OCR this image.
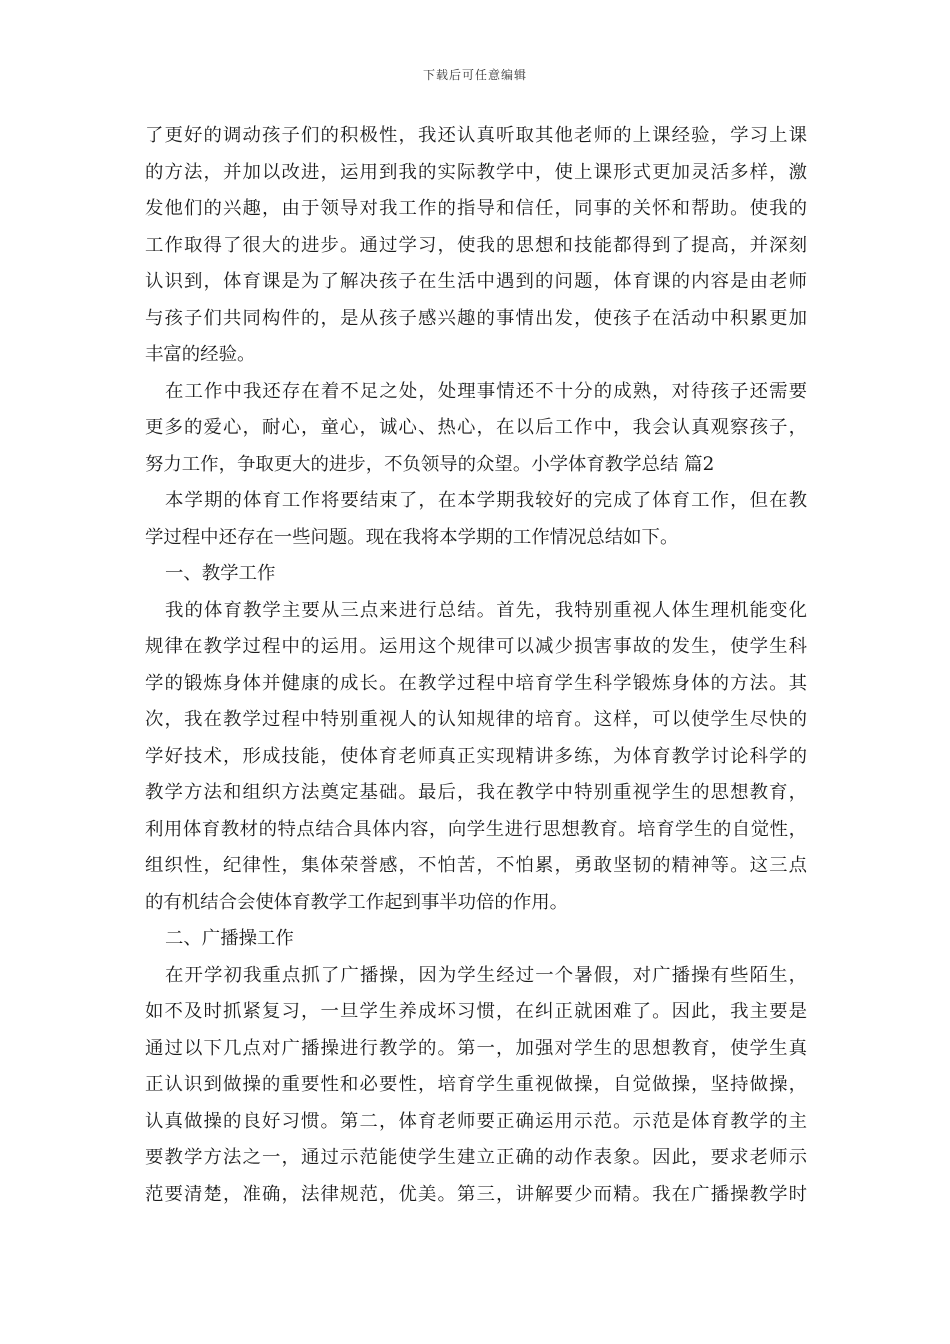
下载后可任意编辑
了更好的调动孩子们的积极性，我还认真听取其他老师的上课经验，学习上课
的方法，并加以改进，运用到我的实际教学中，使上课形式更加灵活多样，激
发他们的兴趣，由于领导对我工作的指导和信任，同事的关怀和帮助。使我的
工作取得了很大的进步。通过学习，使我的思想和技能都得到了提高，并深刻
认识到，体育课是为了解决孩子在生活中遇到的问题，体育课的内容是由老师
与孩子们共同构件的，是从孩子感兴趣的事情出发，使孩子在活动中积累更加
丰富的经验。
在工作中我还存在着不足之处，处理事情还不十分的成熟，对待孩子还需要
更多的爱心，耐心，童心，诚心、热心，在以后工作中，我会认真观察孩子，
努力工作，争取更大的进步，不负领导的众望。小学体育教学总结 篇2
本学期的体育工作将要结束了，在本学期我较好的完成了体育工作，但在教
学过程中还存在一些问题。现在我将本学期的工作情况总结如下。
一、教学工作
我的体育教学主要从三点来进行总结。首先，我特别重视人体生理机能变化
规律在教学过程中的运用。运用这个规律可以减少损害事故的发生，使学生科
学的锻炼身体并健康的成长。在教学过程中培育学生科学锻炼身体的方法。其
次，我在教学过程中特别重视人的认知规律的培育。这样，可以使学生尽快的
学好技术，形成技能，使体育老师真正实现精讲多练，为体育教学讨论科学的
教学方法和组织方法奠定基础。最后，我在教学中特别重视学生的思想教育，
利用体育教材的特点结合具体内容，向学生进行思想教育。培育学生的自觉性，
组织性，纪律性，集体荣誉感，不怕苦，不怕累，勇敢坚韧的精神等。这三点
的有机结合会使体育教学工作起到事半功倍的作用。
二、广播操工作
在开学初我重点抓了广播操，因为学生经过一个暑假，对广播操有些陌生，
如不及时抓紧复习，一旦学生养成坏习惯，在纠正就困难了。因此，我主要是
通过以下几点对广播操进行教学的。第一，加强对学生的思想教育，使学生真
正认识到做操的重要性和必要性，培育学生重视做操，自觉做操，坚持做操，
认真做操的良好习惯。第二，体育老师要正确运用示范。示范是体育教学的主
要教学方法之一，通过示范能使学生建立正确的动作表象。因此，要求老师示
范要清楚，准确，法律规范，优美。第三，讲解要少而精。我在广播操教学时
